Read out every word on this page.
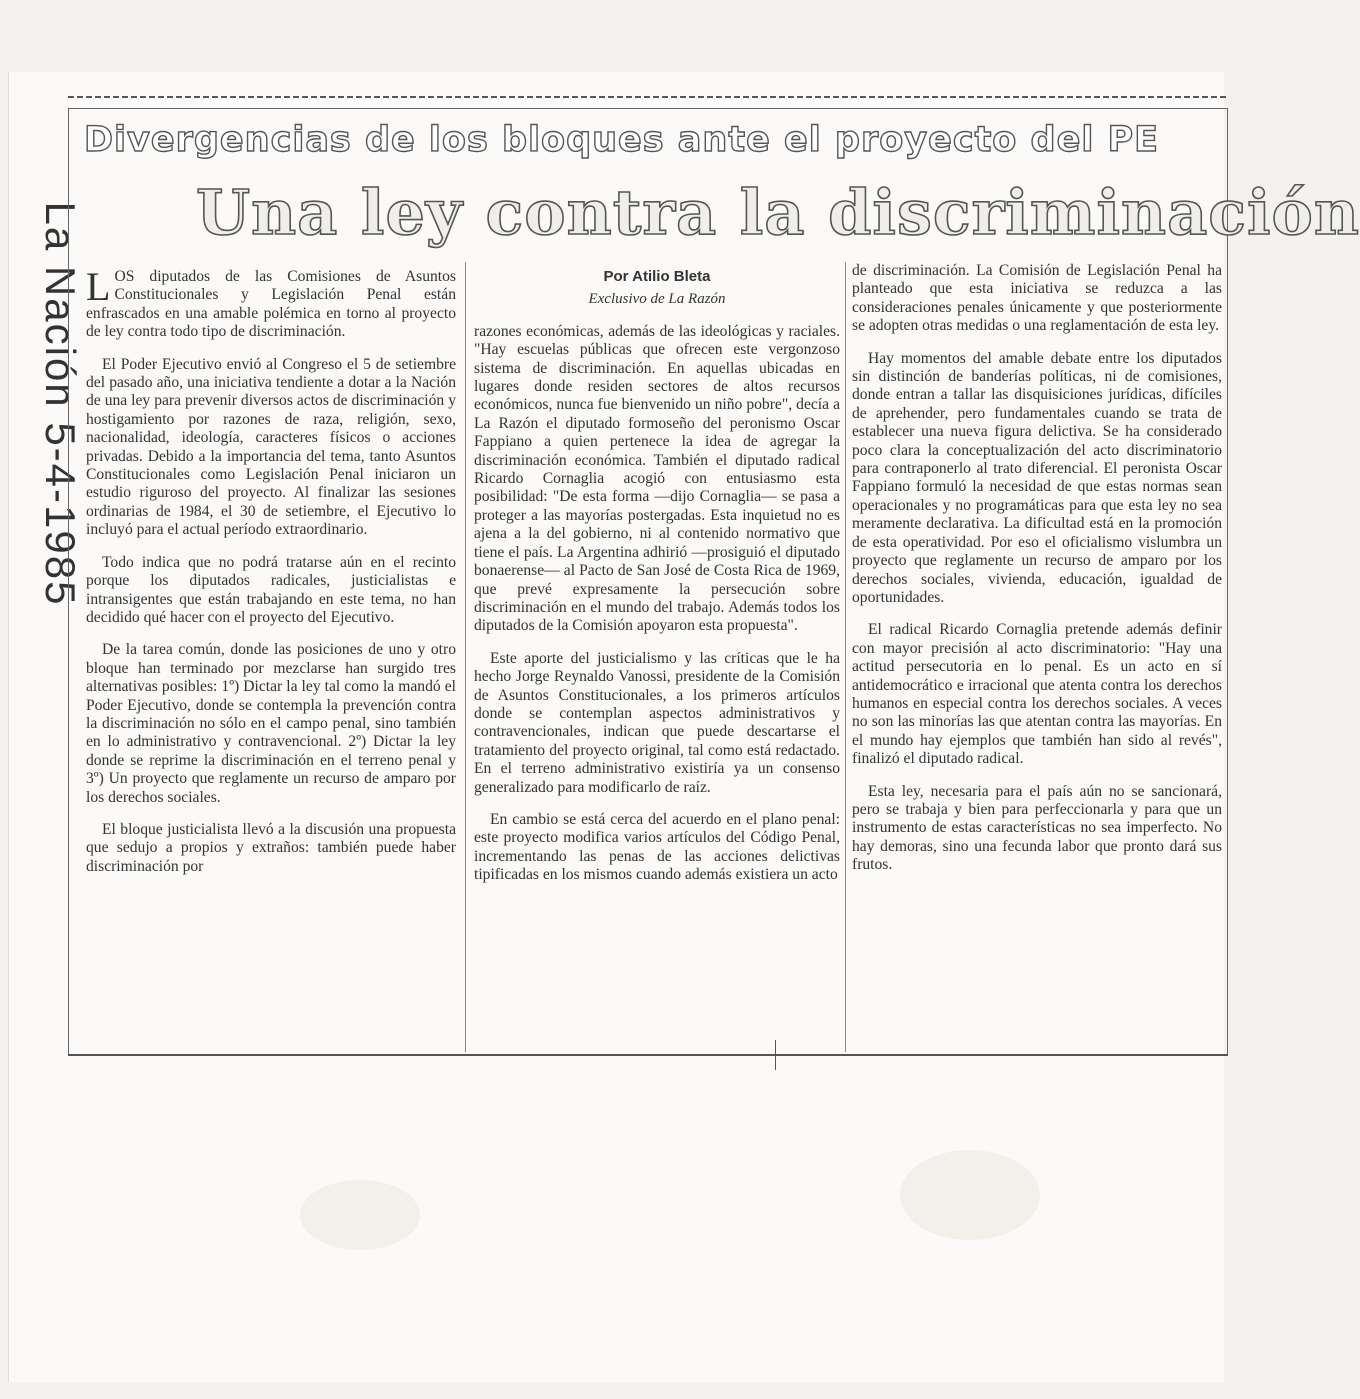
La Nación 5-4-1985
Divergencias de los bloques ante el proyecto del PE
Una ley contra la discriminación

LOS diputados de las Comisiones de Asuntos Constitucionales y Legislación Penal están enfrascados en una amable polémica en torno al proyecto de ley contra todo tipo de discriminación.

El Poder Ejecutivo envió al Congreso el 5 de setiembre del pasado año, una iniciativa tendiente a dotar a la Nación de una ley para prevenir diversos actos de discriminación y hostigamiento por razones de raza, religión, sexo, nacionalidad, ideología, caracteres físicos o acciones privadas. Debido a la importancia del tema, tanto Asuntos Constitucionales como Legislación Penal iniciaron un estudio riguroso del proyecto. Al finalizar las sesiones ordinarias de 1984, el 30 de setiembre, el Ejecutivo lo incluyó para el actual período extraordinario.

Todo indica que no podrá tratarse aún en el recinto porque los diputados radicales, justicialistas e intransigentes que están trabajando en este tema, no han decidido qué hacer con el proyecto del Ejecutivo.

De la tarea común, donde las posiciones de uno y otro bloque han terminado por mezclarse han surgido tres alternativas posibles: 1º) Dictar la ley tal como la mandó el Poder Ejecutivo, donde se contempla la prevención contra la discriminación no sólo en el campo penal, sino también en lo administrativo y contravencional. 2º) Dictar la ley donde se reprime la discriminación en el terreno penal y 3º) Un proyecto que reglamente un recurso de amparo por los derechos sociales.

El bloque justicialista llevó a la discusión una propuesta que sedujo a propios y extraños: también puede haber discriminación por

Por Atilio Bleta
Exclusivo de La Razón

razones económicas, además de las ideológicas y raciales. "Hay escuelas públicas que ofrecen este vergonzoso sistema de discriminación. En aquellas ubicadas en lugares donde residen sectores de altos recursos económicos, nunca fue bienvenido un niño pobre", decía a La Razón el diputado formoseño del peronismo Oscar Fappiano a quien pertenece la idea de agregar la discriminación económica. También el diputado radical Ricardo Cornaglia acogió con entusiasmo esta posibilidad: "De esta forma —dijo Cornaglia— se pasa a proteger a las mayorías postergadas. Esta inquietud no es ajena a la del gobierno, ni al contenido normativo que tiene el país. La Argentina adhirió —prosiguió el diputado bonaerense— al Pacto de San José de Costa Rica de 1969, que prevé expresamente la persecución sobre discriminación en el mundo del trabajo. Además todos los diputados de la Comisión apoyaron esta propuesta".

Este aporte del justicialismo y las críticas que le ha hecho Jorge Reynaldo Vanossi, presidente de la Comisión de Asuntos Constitucionales, a los primeros artículos donde se contemplan aspectos administrativos y contravencionales, indican que puede descartarse el tratamiento del proyecto original, tal como está redactado. En el terreno administrativo existiría ya un consenso generalizado para modificarlo de raíz.

En cambio se está cerca del acuerdo en el plano penal: este proyecto modifica varios artículos del Código Penal, incrementando las penas de las acciones delictivas tipificadas en los mismos cuando además existiera un acto

de discriminación. La Comisión de Legislación Penal ha planteado que esta iniciativa se reduzca a las consideraciones penales únicamente y que posteriormente se adopten otras medidas o una reglamentación de esta ley.

Hay momentos del amable debate entre los diputados sin distinción de banderías políticas, ni de comisiones, donde entran a tallar las disquisiciones jurídicas, difíciles de aprehender, pero fundamentales cuando se trata de establecer una nueva figura delictiva. Se ha considerado poco clara la conceptualización del acto discriminatorio para contraponerlo al trato diferencial. El peronista Oscar Fappiano formuló la necesidad de que estas normas sean operacionales y no programáticas para que esta ley no sea meramente declarativa. La dificultad está en la promoción de esta operatividad. Por eso el oficialismo vislumbra un proyecto que reglamente un recurso de amparo por los derechos sociales, vivienda, educación, igualdad de oportunidades.

El radical Ricardo Cornaglia pretende además definir con mayor precisión al acto discriminatorio: "Hay una actitud persecutoria en lo penal. Es un acto en sí antidemocrático e irracional que atenta contra los derechos humanos en especial contra los derechos sociales. A veces no son las minorías las que atentan contra las mayorías. En el mundo hay ejemplos que también han sido al revés", finalizó el diputado radical.

Esta ley, necesaria para el país aún no se sancionará, pero se trabaja y bien para perfeccionarla y para que un instrumento de estas características no sea imperfecto. No hay demoras, sino una fecunda labor que pronto dará sus frutos.
